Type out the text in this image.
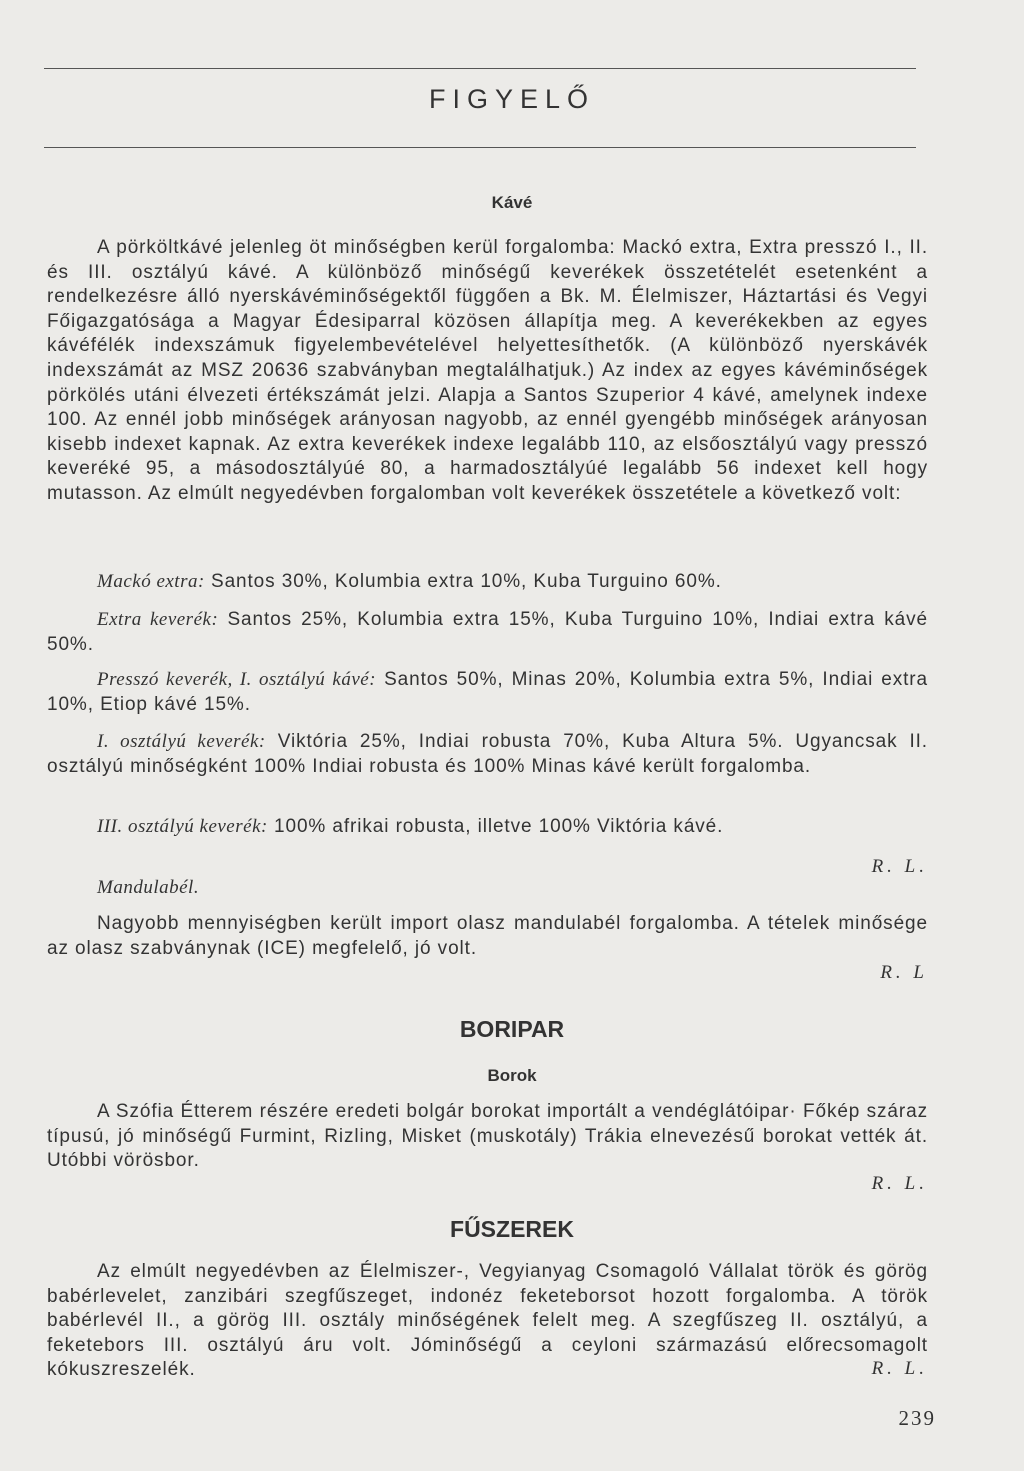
FIGYELŐ
Kávé
A pörköltkávé jelenleg öt minőségben kerül forgalomba: Mackó extra, Extra presszó I., II. és III. osztályú kávé. A különböző minőségű keverékek összetételét esetenként a rendelkezésre álló nyerskávéminőségektől függően a Bk. M. Élelmiszer, Háztartási és Vegyi Főigazgatósága a Magyar Édesiparral közösen állapítja meg. A keverékekben az egyes kávéfélék indexszámuk figyelembevételével helyettesíthetők. (A különböző nyerskávék indexszámát az MSZ 20636 szabványban megtalálhatjuk.) Az index az egyes kávéminőségek pörkölés utáni élvezeti értékszámát jelzi. Alapja a Santos Szuperior 4 kávé, amelynek indexe 100. Az ennél jobb minőségek arányosan nagyobb, az ennél gyengébb minőségek arányosan kisebb indexet kapnak. Az extra keverékek indexe legalább 110, az elsőosztályú vagy presszó keveréké 95, a másodosztályúé 80, a harmadosztályúé legalább 56 indexet kell hogy mutasson. Az elmúlt negyedévben forgalomban volt keverékek összetétele a következő volt:
Mackó extra: Santos 30%, Kolumbia extra 10%, Kuba Turguino 60%.
Extra keverék: Santos 25%, Kolumbia extra 15%, Kuba Turguino 10%, Indiai extra kávé 50%.
Presszó keverék, I. osztályú kávé: Santos 50%, Minas 20%, Kolumbia extra 5%, Indiai extra 10%, Etiop kávé 15%.
I. osztályú keverék: Viktória 25%, Indiai robusta 70%, Kuba Altura 5%. Ugyancsak II. osztályú minőségként 100% Indiai robusta és 100% Minas kávé került forgalomba.
III. osztályú keverék: 100% afrikai robusta, illetve 100% Viktória kávé.
R. L.
Mandulabél.
Nagyobb mennyiségben került import olasz mandulabél forgalomba. A tételek minősége az olasz szabványnak (ICE) megfelelő, jó volt.
R. L
BORIPAR
Borok
A Szófia Étterem részére eredeti bolgár borokat importált a vendéglátóipar· Főkép száraz típusú, jó minőségű Furmint, Rizling, Misket (muskotály) Trákia elnevezésű borokat vették át. Utóbbi vörösbor.
R. L.
FŰSZEREK
Az elmúlt negyedévben az Élelmiszer-, Vegyianyag Csomagoló Vállalat török és görög babérlevelet, zanzibári szegfűszeget, indonéz feketeborsot hozott forgalomba. A török babérlevél II., a görög III. osztály minőségének felelt meg. A szegfűszeg II. osztályú, a feketebors III. osztályú áru volt. Jóminőségű a ceyloni származású előrecsomagolt kókuszreszelék.	R. L.
239
